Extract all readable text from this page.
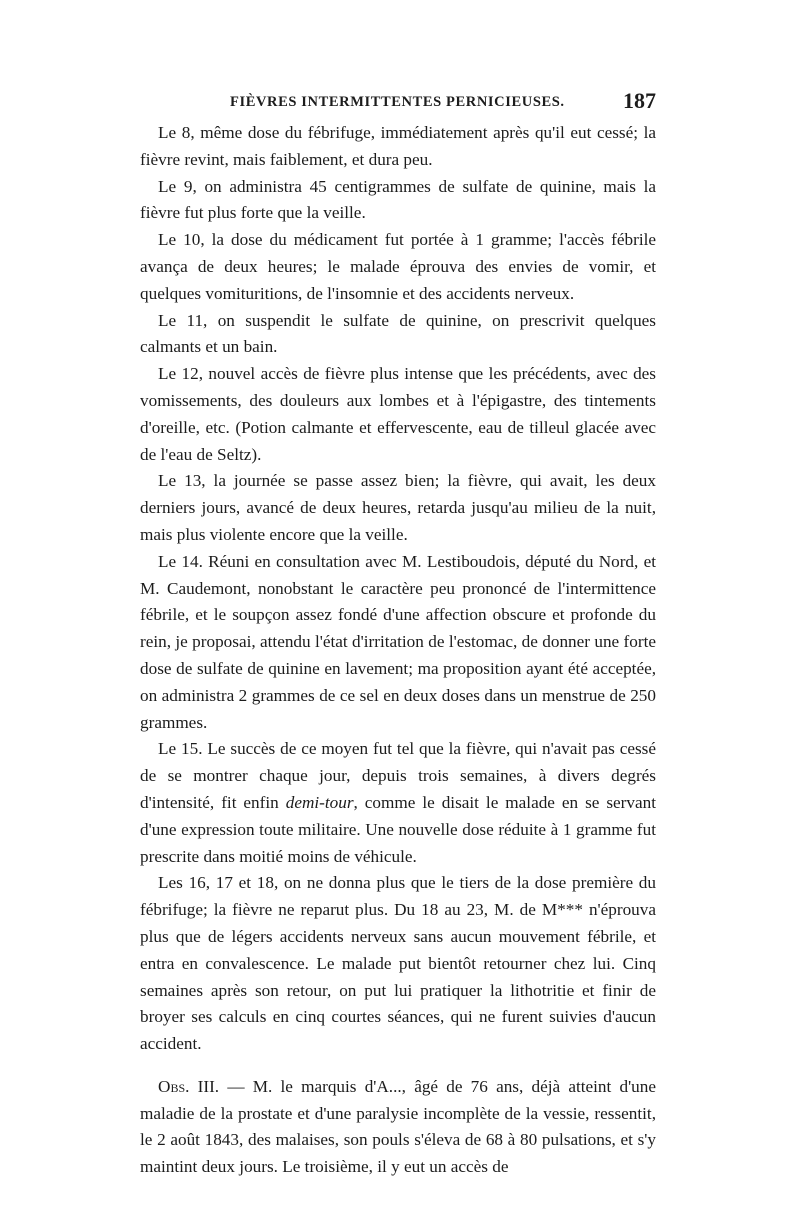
FIÈVRES INTERMITTENTES PERNICIEUSES.	187

Le 8, même dose du fébrifuge, immédiatement après qu'il eut cessé; la fièvre revint, mais faiblement, et dura peu.

Le 9, on administra 45 centigrammes de sulfate de quinine, mais la fièvre fut plus forte que la veille.

Le 10, la dose du médicament fut portée à 1 gramme; l'accès fébrile avança de deux heures; le malade éprouva des envies de vomir, et quelques vomituritions, de l'insomnie et des accidents nerveux.

Le 11, on suspendit le sulfate de quinine, on prescrivit quelques calmants et un bain.

Le 12, nouvel accès de fièvre plus intense que les précédents, avec des vomissements, des douleurs aux lombes et à l'épigastre, des tintements d'oreille, etc. (Potion calmante et effervescente, eau de tilleul glacée avec de l'eau de Seltz).

Le 13, la journée se passe assez bien; la fièvre, qui avait, les deux derniers jours, avancé de deux heures, retarda jusqu'au milieu de la nuit, mais plus violente encore que la veille.

Le 14. Réuni en consultation avec M. Lestiboudois, député du Nord, et M. Caudemont, nonobstant le caractère peu prononcé de l'intermittence fébrile, et le soupçon assez fondé d'une affection obscure et profonde du rein, je proposai, attendu l'état d'irritation de l'estomac, de donner une forte dose de sulfate de quinine en lavement; ma proposition ayant été acceptée, on administra 2 grammes de ce sel en deux doses dans un menstrue de 250 grammes.

Le 15. Le succès de ce moyen fut tel que la fièvre, qui n'avait pas cessé de se montrer chaque jour, depuis trois semaines, à divers degrés d'intensité, fit enfin demi-tour, comme le disait le malade en se servant d'une expression toute militaire. Une nouvelle dose réduite à 1 gramme fut prescrite dans moitié moins de véhicule.

Les 16, 17 et 18, on ne donna plus que le tiers de la dose première du fébrifuge; la fièvre ne reparut plus. Du 18 au 23, M. de M*** n'éprouva plus que de légers accidents nerveux sans aucun mouvement fébrile, et entra en convalescence. Le malade put bientôt retourner chez lui. Cinq semaines après son retour, on put lui pratiquer la lithotritie et finir de broyer ses calculs en cinq courtes séances, qui ne furent suivies d'aucun accident.

Obs. III. — M. le marquis d'A..., âgé de 76 ans, déjà atteint d'une maladie de la prostate et d'une paralysie incomplète de la vessie, ressentit, le 2 août 1843, des malaises, son pouls s'éleva de 68 à 80 pulsations, et s'y maintint deux jours. Le troisième, il y eut un accès de
